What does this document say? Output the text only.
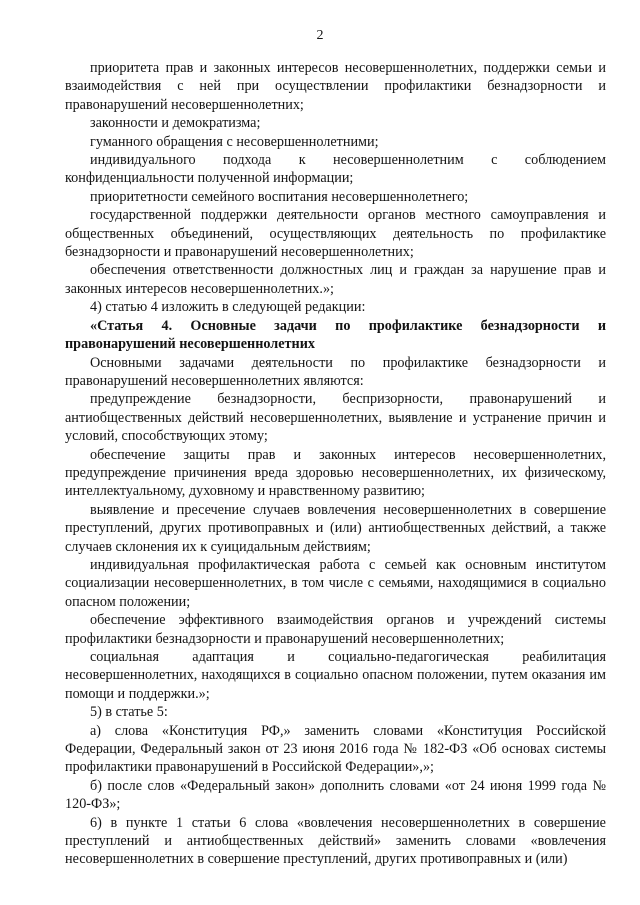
2

приоритета прав и законных интересов несовершеннолетних, поддержки семьи и взаимодействия с ней при осуществлении профилактики безнадзорности и правонарушений несовершеннолетних;

законности и демократизма;

гуманного обращения с несовершеннолетними;

индивидуального подхода к несовершеннолетним с соблюдением конфиденциальности полученной информации;

приоритетности семейного воспитания несовершеннолетнего;

государственной поддержки деятельности органов местного самоуправления и общественных объединений, осуществляющих деятельность по профилактике безнадзорности и правонарушений несовершеннолетних;

обеспечения ответственности должностных лиц и граждан за нарушение прав и законных интересов несовершеннолетних.»;

4) статью 4 изложить в следующей редакции:

«Статья 4. Основные задачи по профилактике безнадзорности и правонарушений несовершеннолетних

Основными задачами деятельности по профилактике безнадзорности и правонарушений несовершеннолетних являются:

предупреждение безнадзорности, беспризорности, правонарушений и антиобщественных действий несовершеннолетних, выявление и устранение причин и условий, способствующих этому;

обеспечение защиты прав и законных интересов несовершеннолетних, предупреждение причинения вреда здоровью несовершеннолетних, их физическому, интеллектуальному, духовному и нравственному развитию;

выявление и пресечение случаев вовлечения несовершеннолетних в совершение преступлений, других противоправных и (или) антиобщественных действий, а также случаев склонения их к суицидальным действиям;

индивидуальная профилактическая работа с семьей как основным институтом социализации несовершеннолетних, в том числе с семьями, находящимися в социально опасном положении;

обеспечение эффективного взаимодействия органов и учреждений системы профилактики безнадзорности и правонарушений несовершеннолетних;

социальная адаптация и социально-педагогическая реабилитация несовершеннолетних, находящихся в социально опасном положении, путем оказания им помощи и поддержки.»;

5) в статье 5:

а) слова «Конституция РФ,» заменить словами «Конституция Российской Федерации, Федеральный закон от 23 июня 2016 года № 182-ФЗ «Об основах системы профилактики правонарушений в Российской Федерации»,»;

б) после слов «Федеральный закон» дополнить словами «от 24 июня 1999 года № 120-ФЗ»;

6) в пункте 1 статьи 6 слова «вовлечения несовершеннолетних в совершение преступлений и антиобщественных действий» заменить словами «вовлечения несовершеннолетних в совершение преступлений, других противоправных и (или)
